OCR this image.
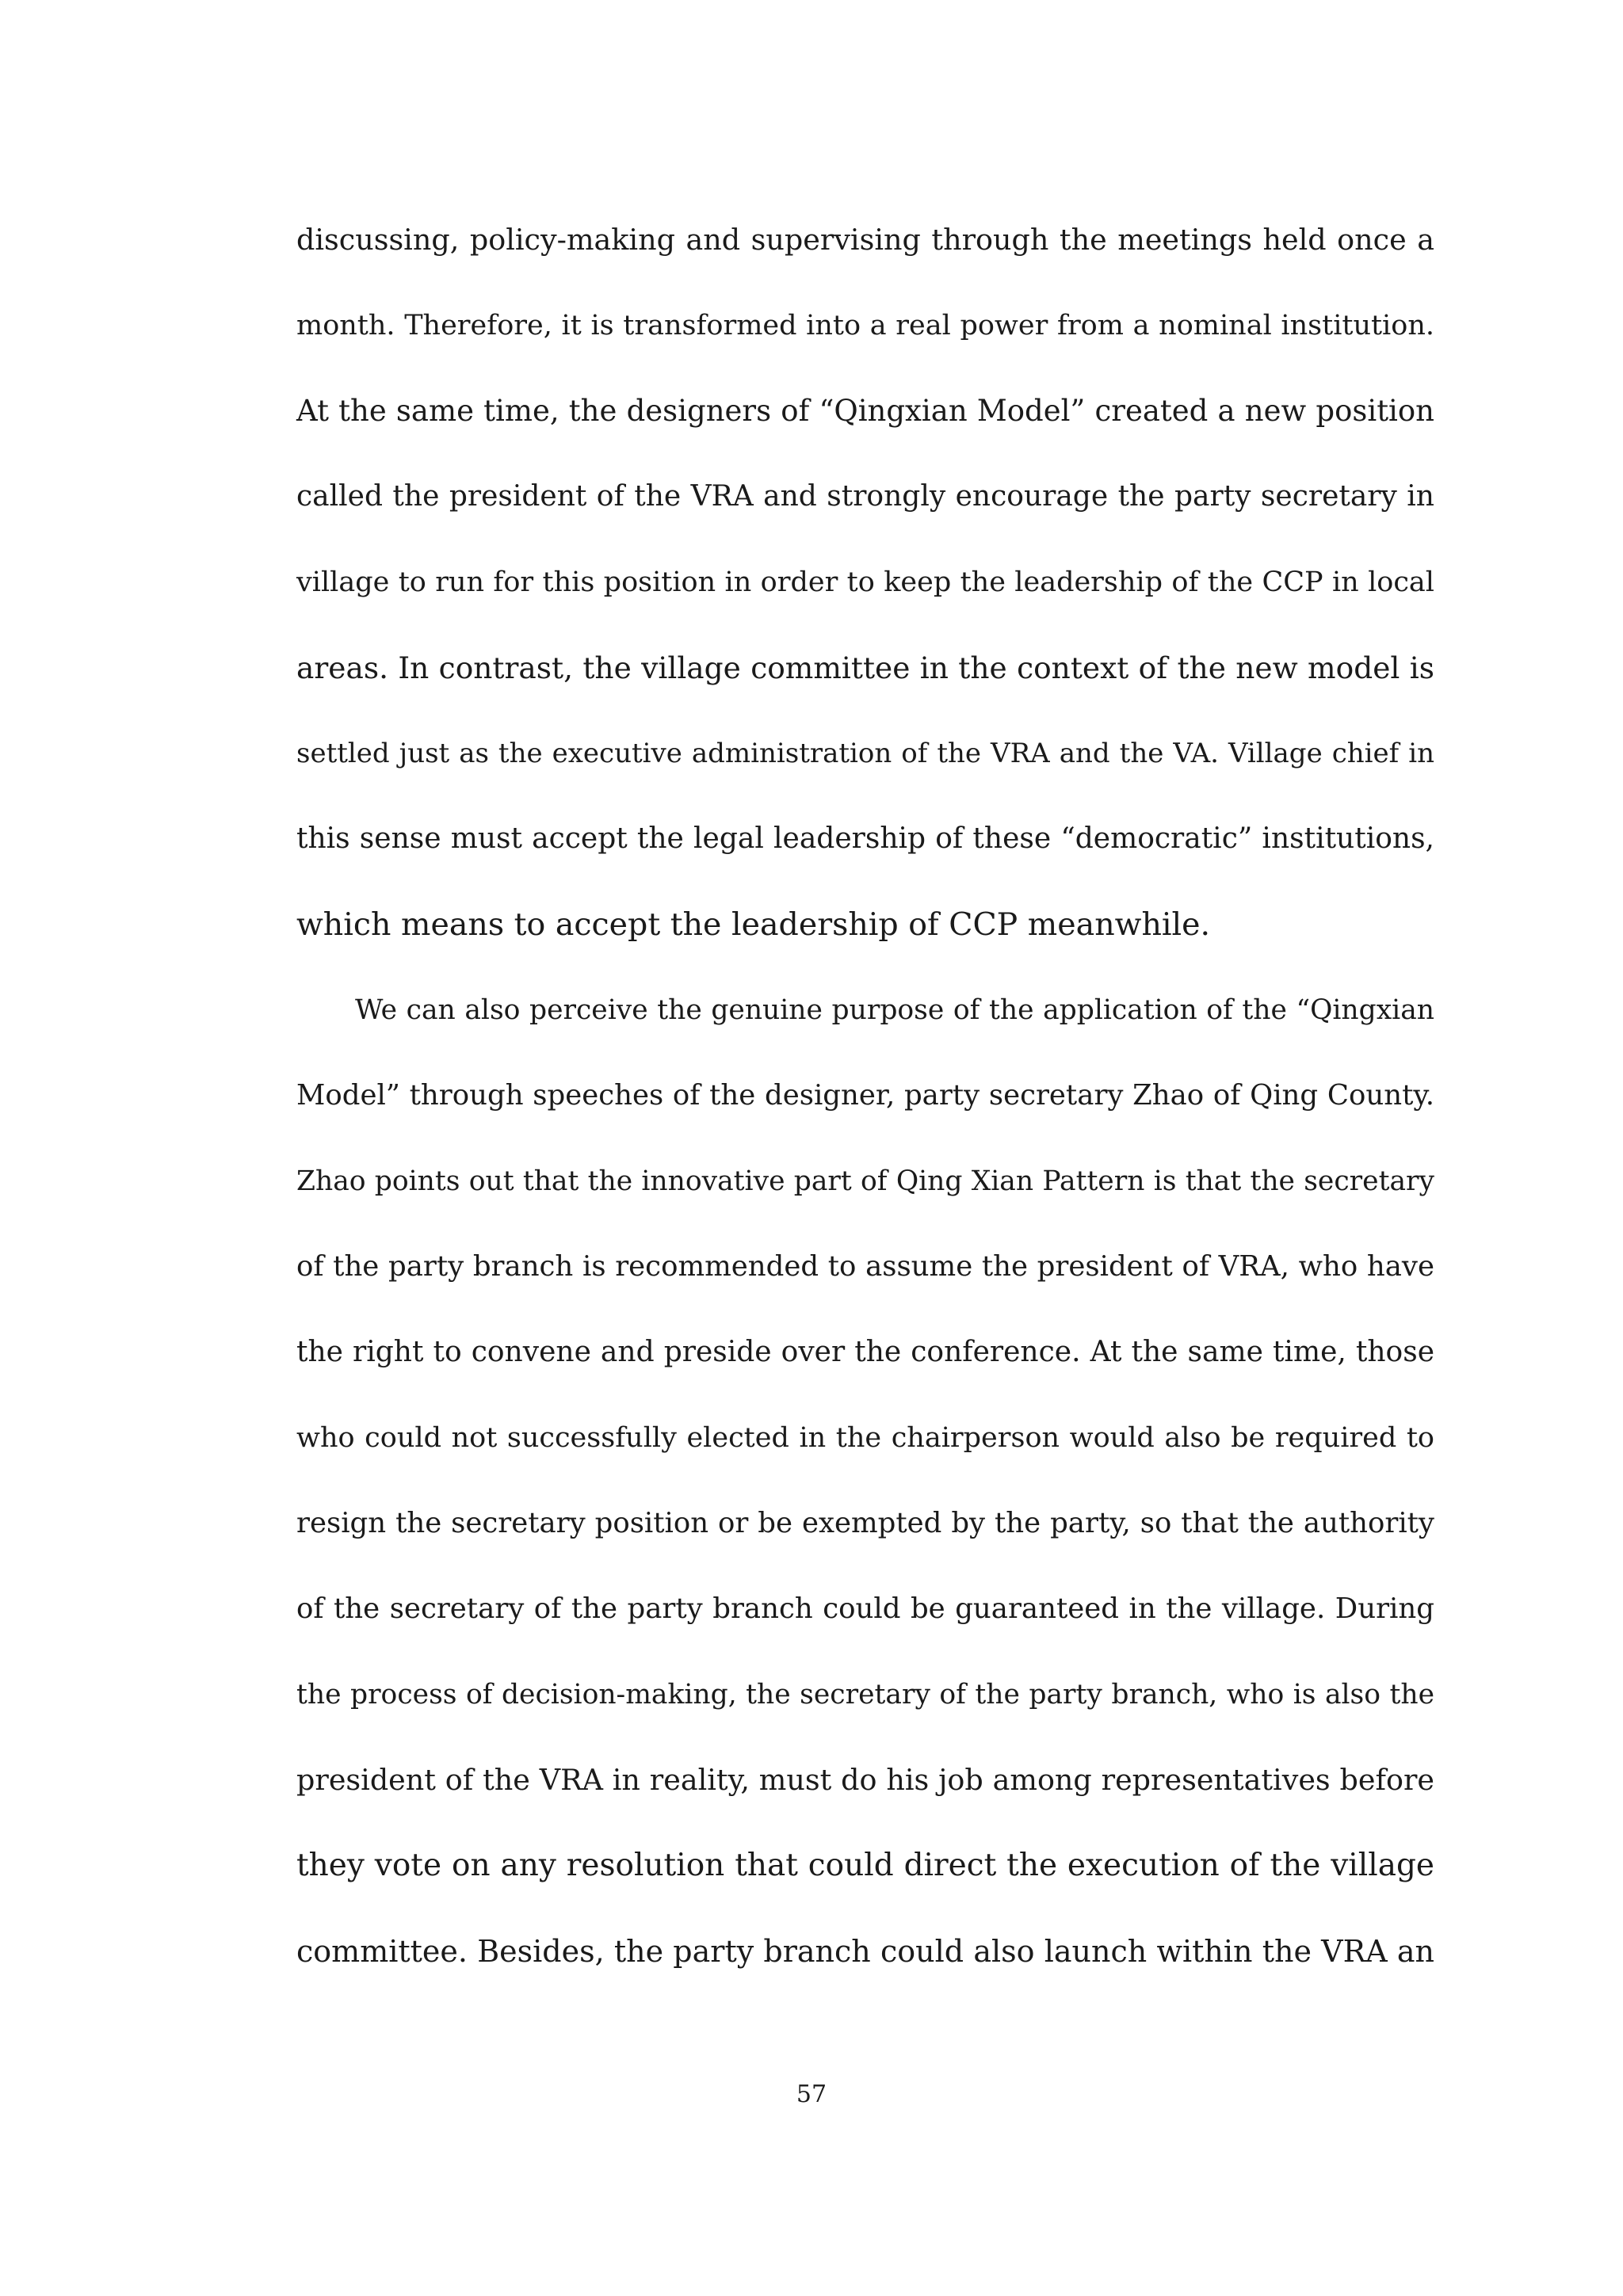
discussing, policy-making and supervising through the meetings held once a
month. Therefore, it is transformed into a real power from a nominal institution.
At the same time, the designers of “Qingxian Model” created a new position
called the president of the VRA and strongly encourage the party secretary in
village to run for this position in order to keep the leadership of the CCP in local
areas. In contrast, the village committee in the context of the new model is
settled just as the executive administration of the VRA and the VA. Village chief in
this sense must accept the legal leadership of these “democratic” institutions,
which means to accept the leadership of CCP meanwhile.
We can also perceive the genuine purpose of the application of the “Qingxian
Model” through speeches of the designer, party secretary Zhao of Qing County.
Zhao points out that the innovative part of Qing Xian Pattern is that the secretary
of the party branch is recommended to assume the president of VRA, who have
the right to convene and preside over the conference. At the same time, those
who could not successfully elected in the chairperson would also be required to
resign the secretary position or be exempted by the party, so that the authority
of the secretary of the party branch could be guaranteed in the village. During
the process of decision-making, the secretary of the party branch, who is also the
president of the VRA in reality, must do his job among representatives before
they vote on any resolution that could direct the execution of the village
committee. Besides, the party branch could also launch within the VRA an
57
